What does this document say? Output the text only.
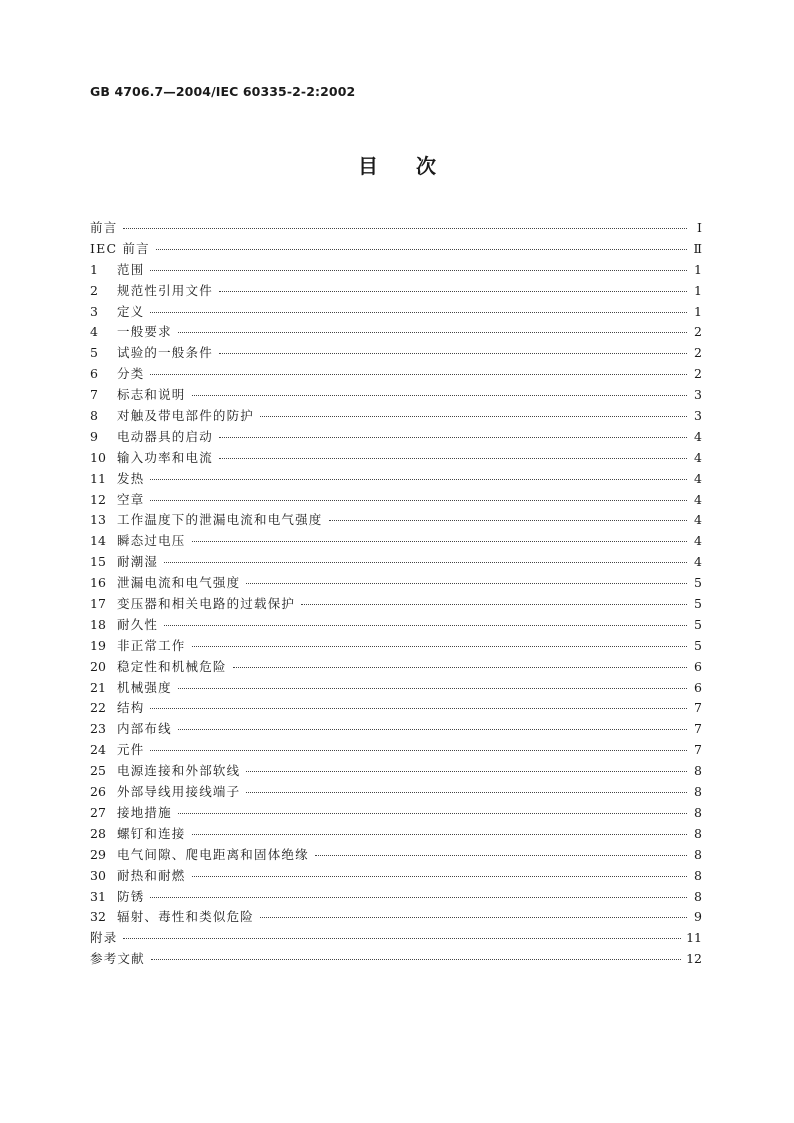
GB 4706.7—2004/IEC 60335-2-2:2002
目次
前言	Ⅰ
IEC 前言	Ⅱ
1	范围	1
2	规范性引用文件	1
3	定义	1
4	一般要求	2
5	试验的一般条件	2
6	分类	2
7	标志和说明	3
8	对触及带电部件的防护	3
9	电动器具的启动	4
10 输入功率和电流	4
11 发热	4
12 空章	4
13 工作温度下的泄漏电流和电气强度	4
14 瞬态过电压	4
15 耐潮湿	4
16 泄漏电流和电气强度	5
17 变压器和相关电路的过载保护	5
18 耐久性	5
19 非正常工作	5
20 稳定性和机械危险	6
21 机械强度	6
22 结构	7
23 内部布线	7
24 元件	7
25 电源连接和外部软线	8
26 外部导线用接线端子	8
27 接地措施	8
28 螺钉和连接	8
29 电气间隙、爬电距离和固体绝缘	8
30 耐热和耐燃	8
31 防锈	8
32 辐射、毒性和类似危险	9
附录	11
参考文献	12
